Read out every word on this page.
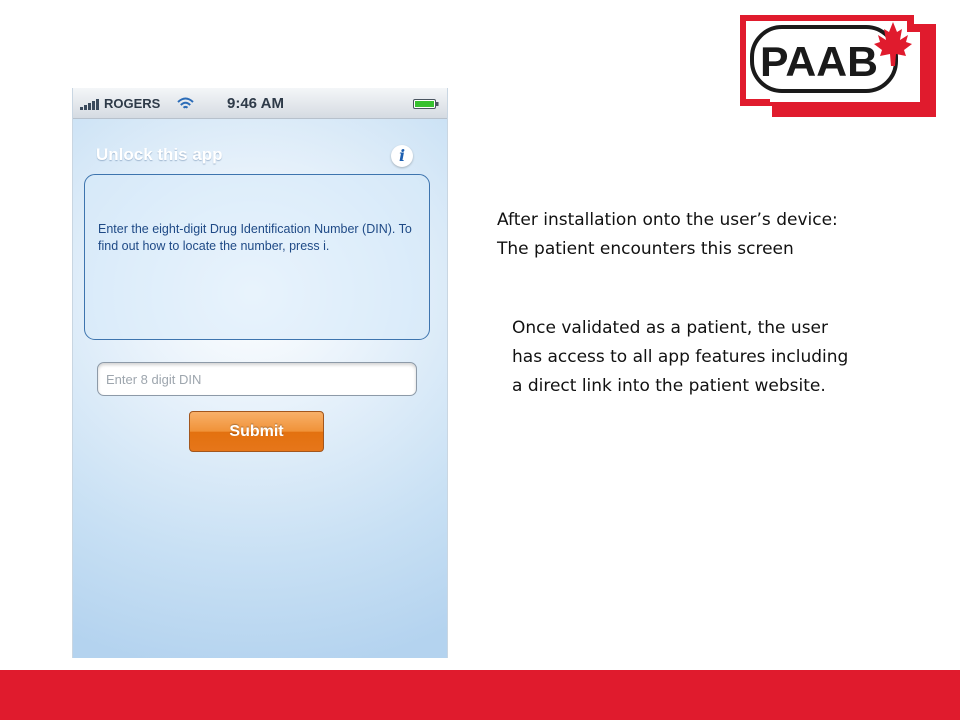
PAAB
ROGERS	9:46 AM
Unlock this app	i
Enter the eight-digit Drug Identification Number (DIN). To find out how to locate the number, press i.
Enter 8 digit DIN
Submit

After installation onto the user’s device:

The patient encounters this screen

Once validated as a patient, the user

has access to all app features including

a direct link into the patient website.
